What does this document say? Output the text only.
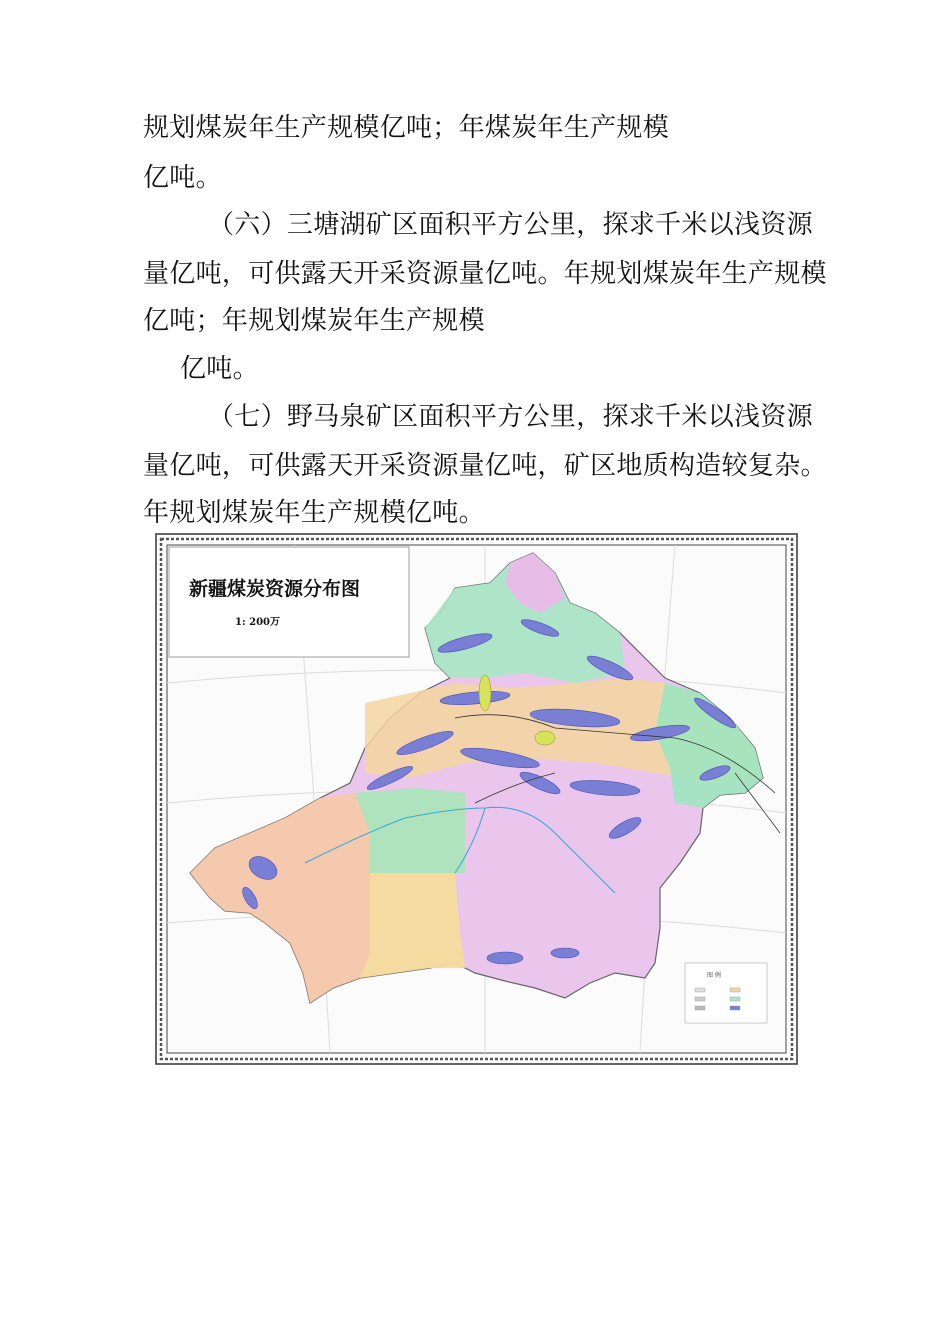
规划煤炭年生产规模亿吨；年煤炭年生产规模
亿吨。
（六）三塘湖矿区面积平方公里，探求千米以浅资源
量亿吨，可供露天开采资源量亿吨。年规划煤炭年生产规模
亿吨；年规划煤炭年生产规模
亿吨。
（七）野马泉矿区面积平方公里，探求千米以浅资源
量亿吨，可供露天开采资源量亿吨，矿区地质构造较复杂。
年规划煤炭年生产规模亿吨。
新疆煤炭资源分布图
1: 200万
图 例
